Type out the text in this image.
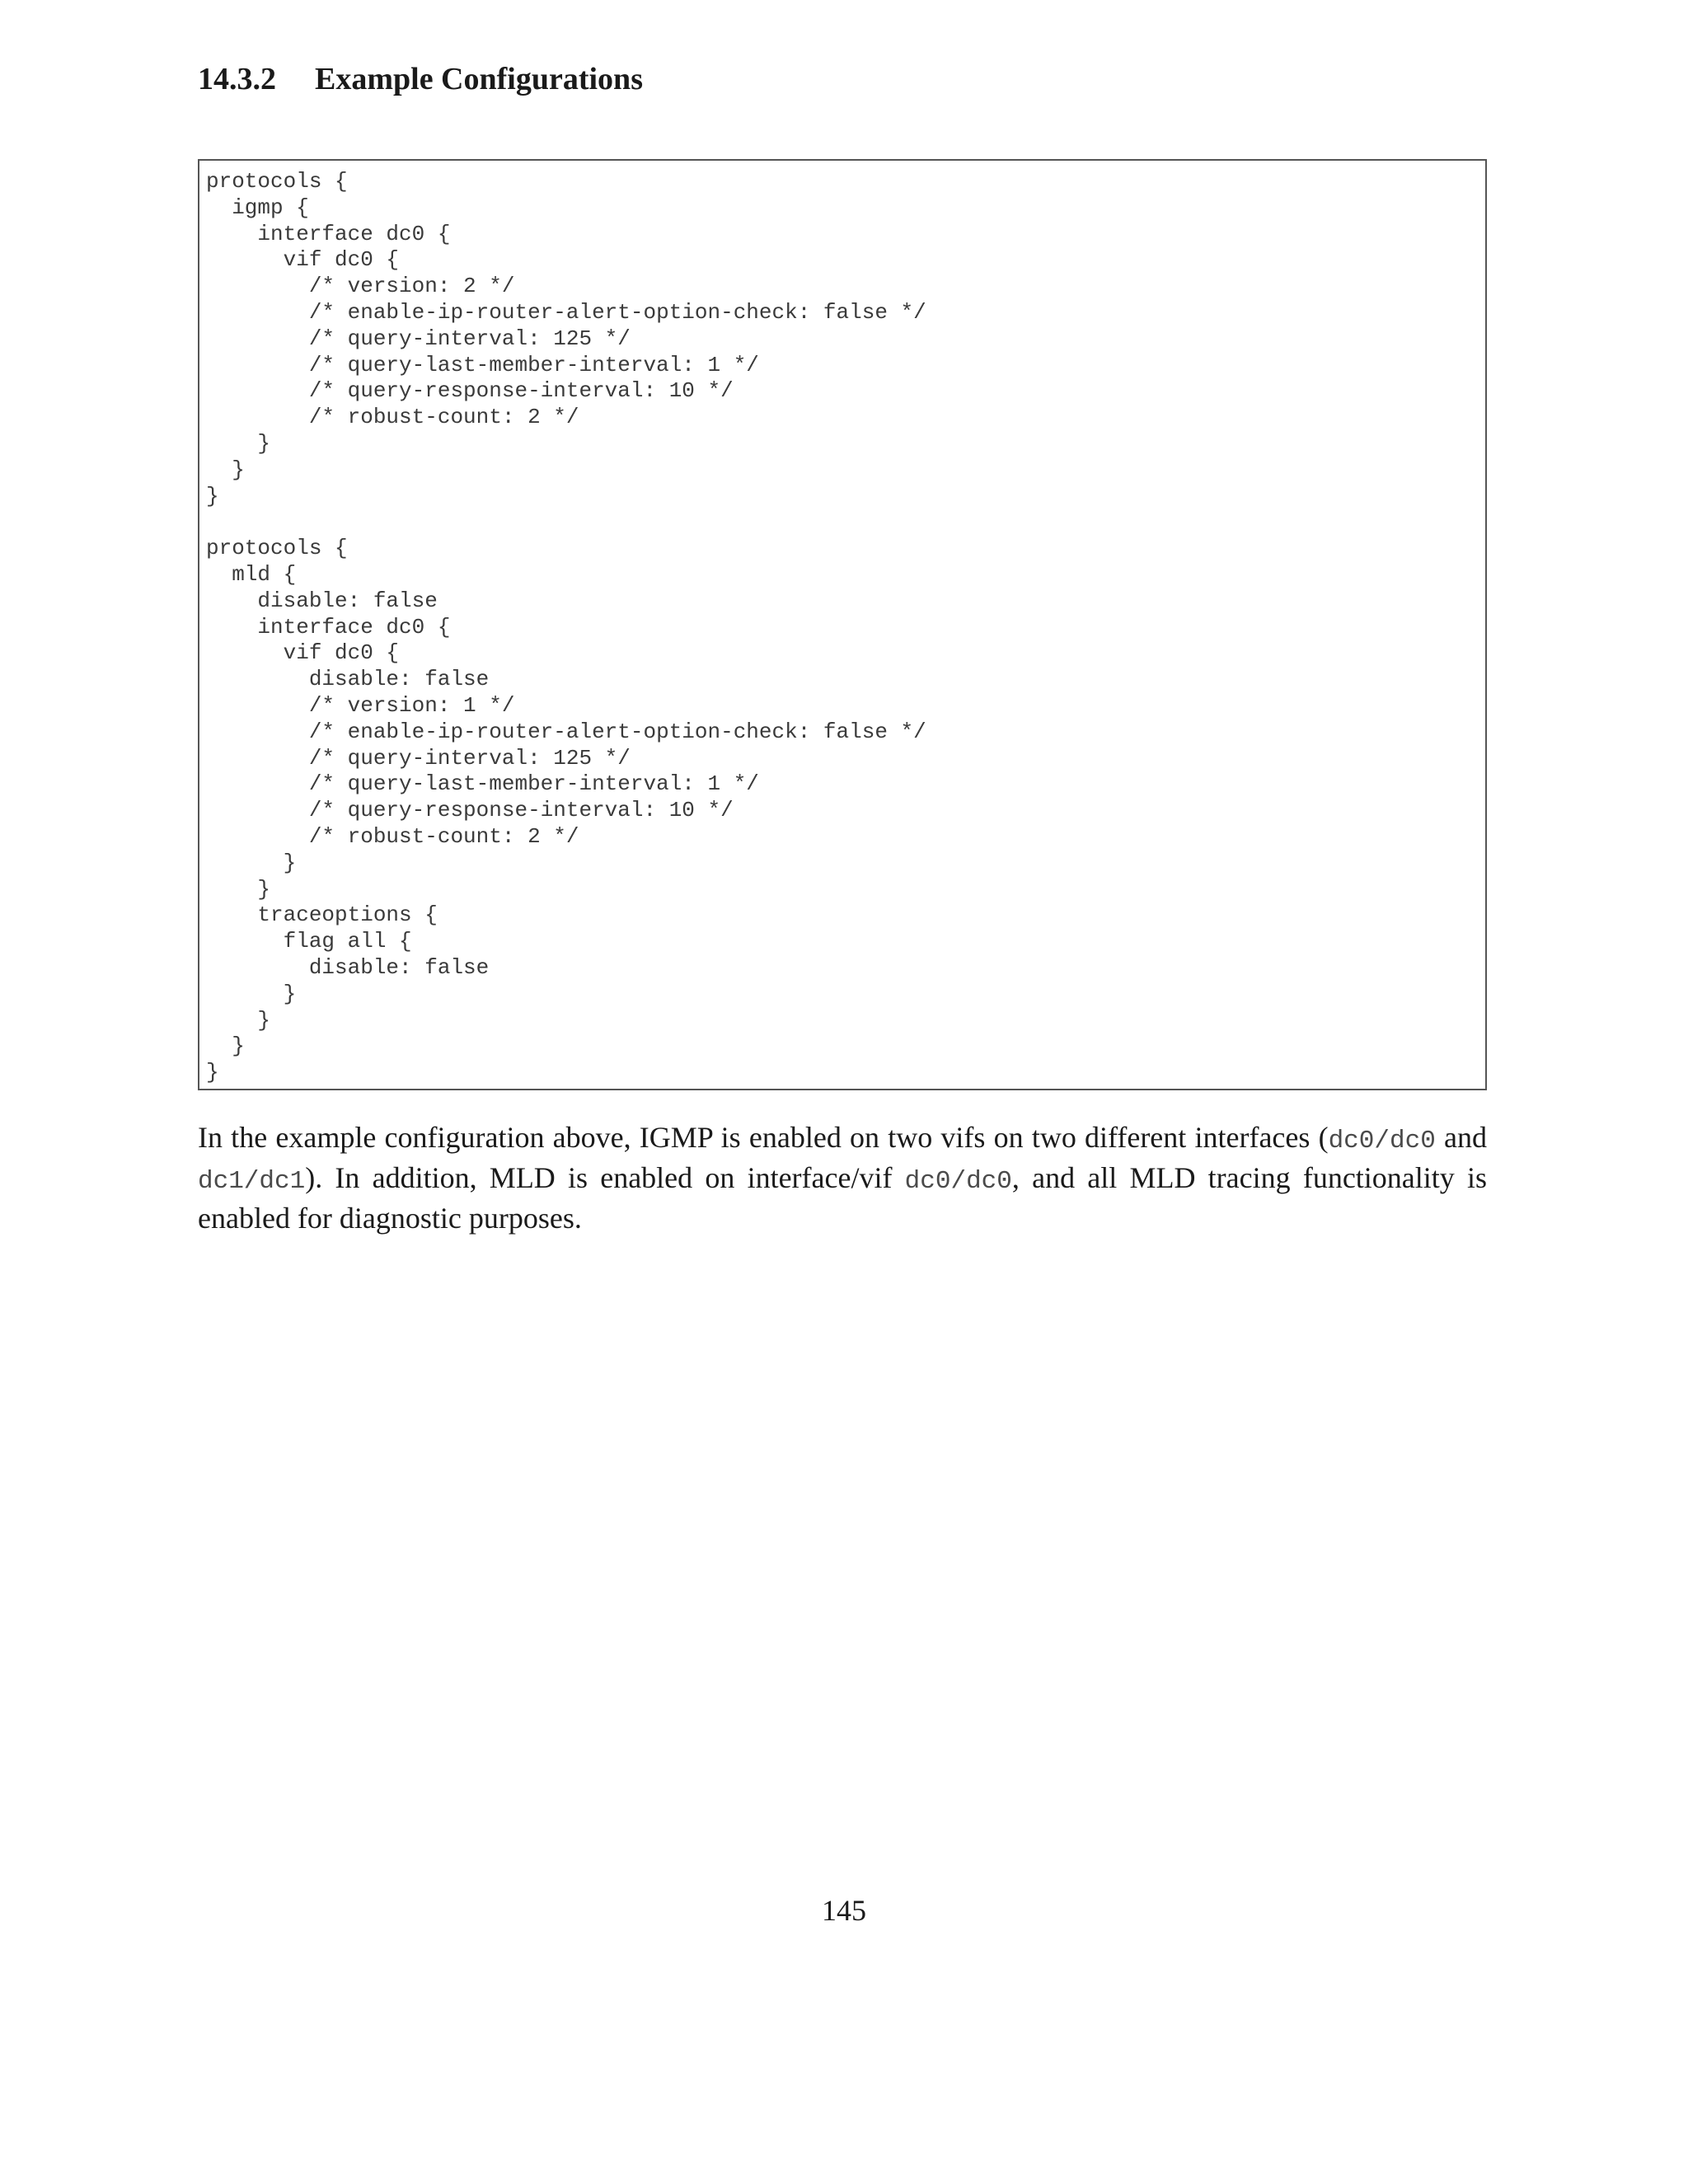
14.3.2 Example Configurations
protocols {
igmp {
interface dc0 {
vif dc0 {
/* version: 2 */
/* enable-ip-router-alert-option-check: false */
/* query-interval: 125 */
/* query-last-member-interval: 1 */
/* query-response-interval: 10 */
/* robust-count: 2 */
}
}
}
protocols {
mld {
disable: false
interface dc0 {
vif dc0 {
disable: false
/* version: 1 */
/* enable-ip-router-alert-option-check: false */
/* query-interval: 125 */
/* query-last-member-interval: 1 */
/* query-response-interval: 10 */
/* robust-count: 2 */
}
}
traceoptions {
flag all {
disable: false
}
}
}
}

In the example configuration above, IGMP is enabled on two vifs on two different interfaces (dc0/dc0 and dc1/dc1). In addition, MLD is enabled on interface/vif dc0/dc0, and all MLD tracing functionality is enabled for diagnostic purposes.

145
